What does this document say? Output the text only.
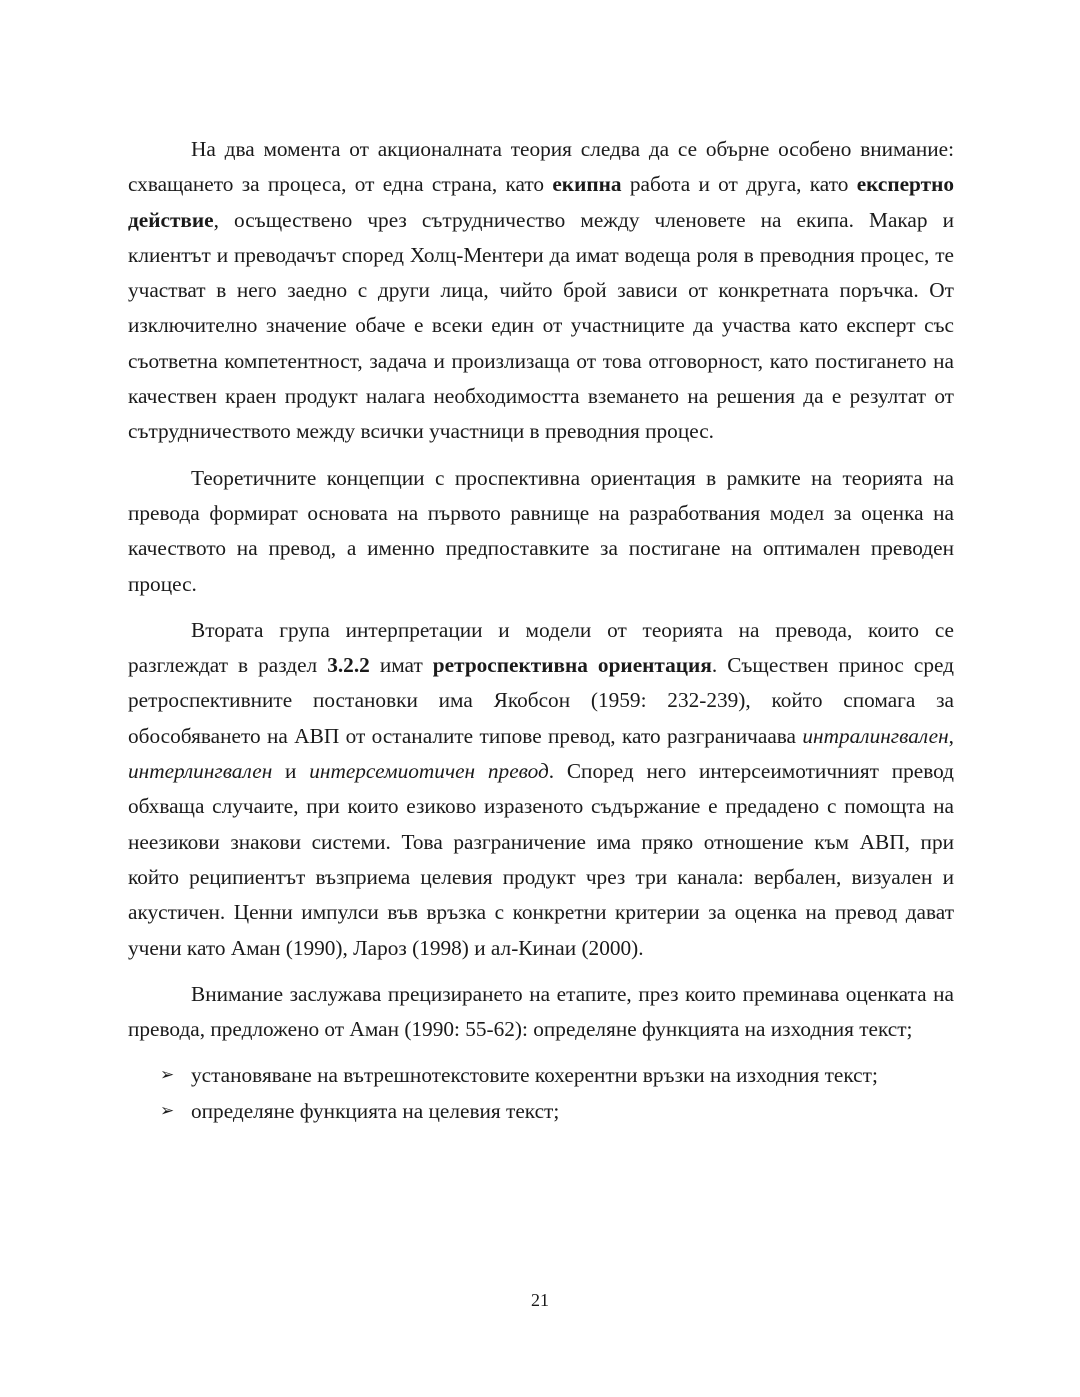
На два момента от акционалната теория следва да се обърне особено внимание: схващането за процеса, от една страна, като екипна работа и от друга, като експертно действие, осъществено чрез сътрудничество между членовете на екипа. Макар и клиентът и преводачът според Холц-Ментери да имат водеща роля в преводния процес, те участват в него заедно с други лица, чийто брой зависи от конкретната поръчка. От изключително значение обаче е всеки един от участниците да участва като експерт със съответна компетентност, задача и произлизаща от това отговорност, като постигането на качествен краен продукт налага необходимостта вземането на решения да е резултат от сътрудничеството между всички участници в преводния процес.

Теоретичните концепции с проспективна ориентация в рамките на теорията на превода формират основата на първото равнище на разработвания модел за оценка на качеството на превод, а именно предпоставките за постигане на оптимален преводен процес.

Втората група интерпретации и модели от теорията на превода, които се разглеждат в раздел 3.2.2 имат ретроспективна ориентация. Съществен принос сред ретроспективните постановки има Якобсон (1959: 232-239), който спомага за обособяването на АВП от останалите типове превод, като разграничаава интралингвален, интерлингвален и интерсемиотичен превод. Според него интерсеимотичният превод обхваща случаите, при които езиково изразеното съдържание е предадено с помощта на неезикови знакови системи. Това разграничение има пряко отношение към АВП, при който реципиентът възприема целевия продукт чрез три канала: вербален, визуален и акустичен. Ценни импулси във връзка с конкретни критерии за оценка на превод дават учени като Аман (1990), Лароз (1998) и ал-Кинаи (2000).

Внимание заслужава прецизирането на етапите, през които преминава оценката на превода, предложено от Аман (1990: 55-62): определяне функцията на изходния текст;

➢ установяване на вътрешнотекстовите кохерентни връзки на изходния текст;
➢ определяне функцията на целевия текст;
21
